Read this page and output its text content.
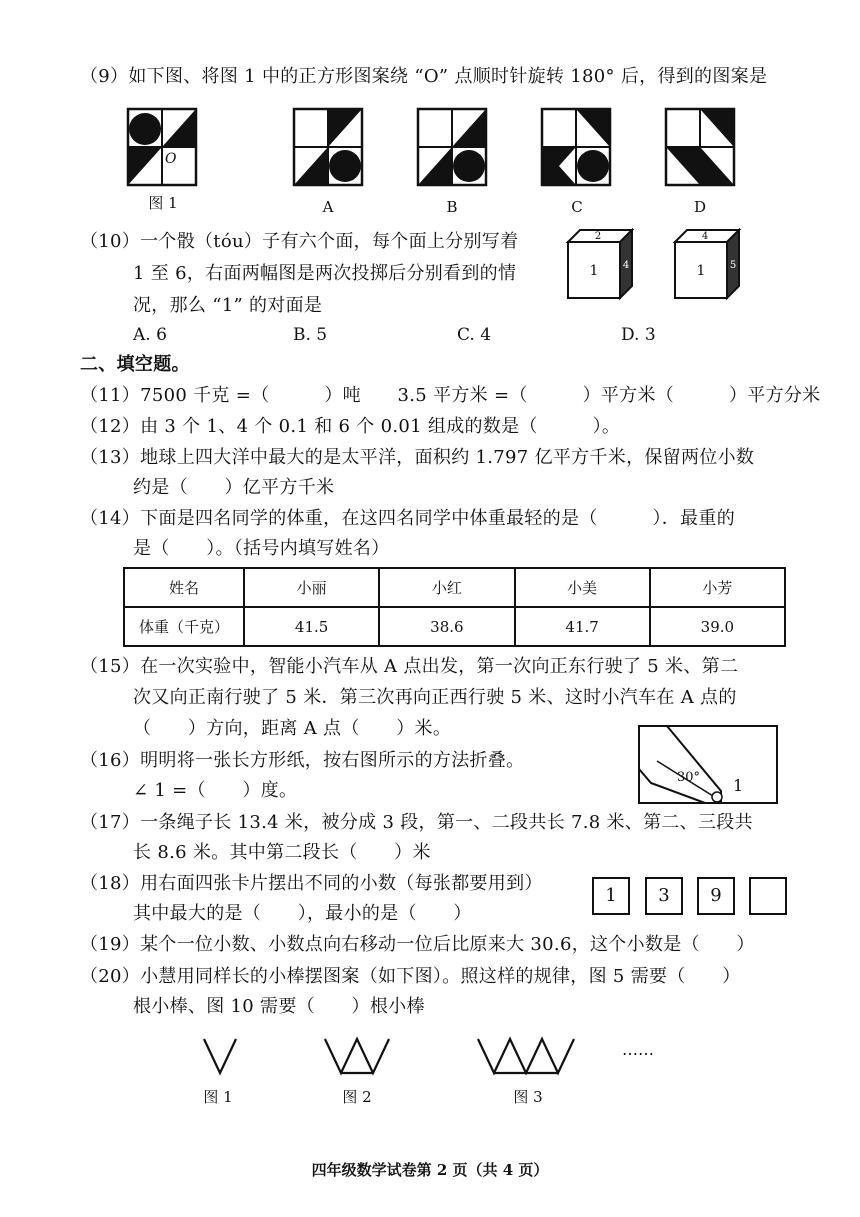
（9）如下图、将图 1 中的正方形图案绕 “O” 点顺时针旋转 180° 后，得到的图案是
O
图 1	A	B	C	D
（10）一个骰（tóu）子有六个面，每个面上分别写着
1 至 6，右面两幅图是两次投掷后分别看到的情
况，那么 “1” 的对面是
2
1 4
4
1 5
A. 6	B. 5	C. 4	D. 3
二、填空题。
（11）7500 千克 =（　　　）吨　　3.5 平方米 =（　　　）平方米（　　　）平方分米
（12）由 3 个 1、4 个 0.1 和 6 个 0.01 组成的数是（　　　）。
（13）地球上四大洋中最大的是太平洋，面积约 1.797 亿平方千米，保留两位小数
约是（　　）亿平方千米
（14）下面是四名同学的体重，在这四名同学中体重最轻的是（　　　）．最重的
是（　　）。（括号内填写姓名）
姓名	小丽	小红	小美	小芳
体重（千克）	41.5	38.6	41.7	39.0
（15）在一次实验中，智能小汽车从 A 点出发，第一次向正东行驶了 5 米、第二
次又向正南行驶了 5 米．第三次再向正西行驶 5 米、这时小汽车在 A 点的
（　　）方向，距离 A 点（　　）米。
（16）明明将一张长方形纸，按右图所示的方法折叠。
∠ 1 =（　　）度。
30° 1
（17）一条绳子长 13.4 米，被分成 3 段，第一、二段共长 7.8 米、第二、三段共
长 8.6 米。其中第二段长（　　）米
（18）用右面四张卡片摆出不同的小数（每张都要用到）
其中最大的是（　　），最小的是（　　）
1	3	9
（19）某个一位小数、小数点向右移动一位后比原来大 30.6，这个小数是（　　）
（20）小慧用同样长的小棒摆图案（如下图）。照这样的规律，图 5 需要（　　）
根小棒、图 10 需要（　　）根小棒
……
图 1	图 2	图 3
四年级数学试卷第 2 页（共 4 页）
